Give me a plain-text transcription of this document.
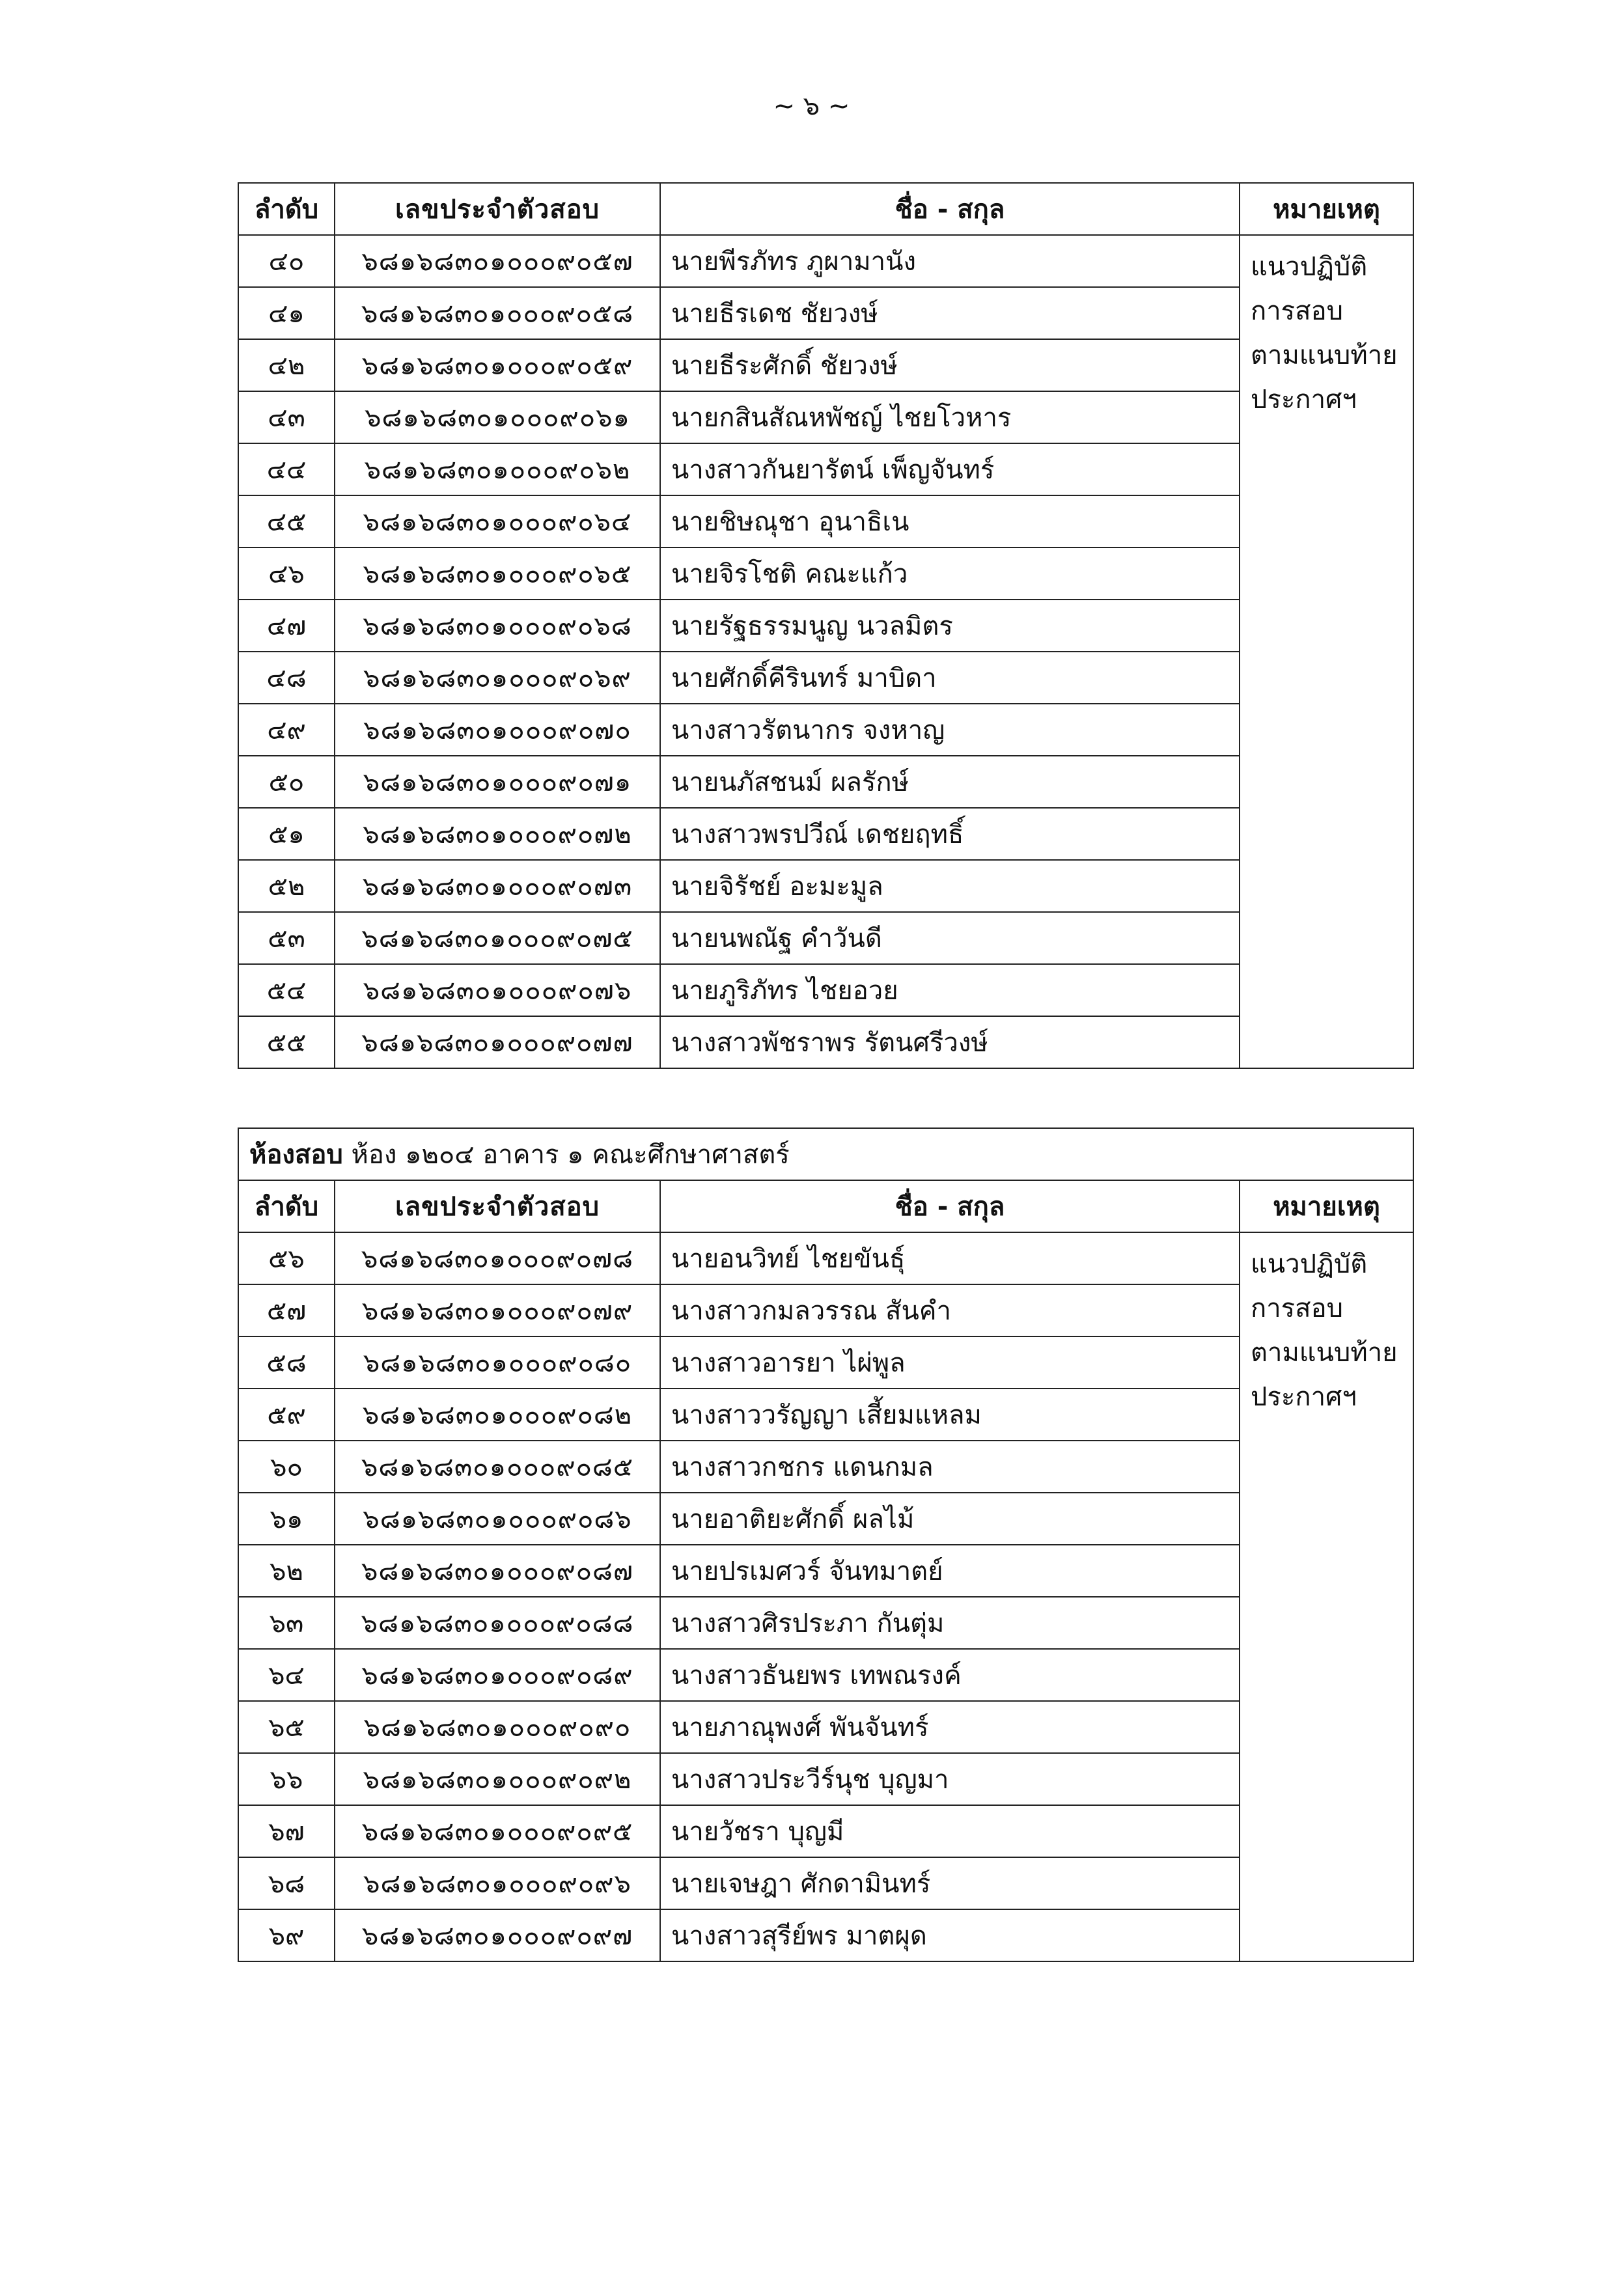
~ ๖ ~
ลำดับ	เลขประจำตัวสอบ	ชื่อ - สกุล	หมายเหตุ
๔๐	๖๘๑๖๘๓๐๑๐๐๐๙๐๕๗	นายพีรภัทร ภูผามานัง	แนวปฏิบัติ
การสอบ
ตามแนบท้าย
ประกาศฯ

๔๑	๖๘๑๖๘๓๐๑๐๐๐๙๐๕๘	นายธีรเดช ชัยวงษ์	
๔๒	๖๘๑๖๘๓๐๑๐๐๐๙๐๕๙	นายธีระศักดิ์ ชัยวงษ์	
๔๓	๖๘๑๖๘๓๐๑๐๐๐๙๐๖๑	นายกสินสัณหพัชญ์ ไชยโวหาร	
๔๔	๖๘๑๖๘๓๐๑๐๐๐๙๐๖๒	นางสาวกันยารัตน์ เพ็ญจันทร์	
๔๕	๖๘๑๖๘๓๐๑๐๐๐๙๐๖๔	นายชิษณุชา อุนาธิเน	
๔๖	๖๘๑๖๘๓๐๑๐๐๐๙๐๖๕	นายจิรโชติ คณะแก้ว	
๔๗	๖๘๑๖๘๓๐๑๐๐๐๙๐๖๘	นายรัฐธรรมนูญ นวลมิตร	
๔๘	๖๘๑๖๘๓๐๑๐๐๐๙๐๖๙	นายศักดิ์คีรินทร์ มาบิดา	
๔๙	๖๘๑๖๘๓๐๑๐๐๐๙๐๗๐	นางสาวรัตนากร จงหาญ	
๕๐	๖๘๑๖๘๓๐๑๐๐๐๙๐๗๑	นายนภัสชนม์ ผลรักษ์	
๕๑	๖๘๑๖๘๓๐๑๐๐๐๙๐๗๒	นางสาวพรปวีณ์ เดชยฤทธิ์	
๕๒	๖๘๑๖๘๓๐๑๐๐๐๙๐๗๓	นายจิรัชย์ อะมะมูล	
๕๓	๖๘๑๖๘๓๐๑๐๐๐๙๐๗๕	นายนพณัฐ คำวันดี	
๕๔	๖๘๑๖๘๓๐๑๐๐๐๙๐๗๖	นายภูริภัทร ไชยอวย	
๕๕	๖๘๑๖๘๓๐๑๐๐๐๙๐๗๗	นางสาวพัชราพร รัตนศรีวงษ์	
ห้องสอบ ห้อง ๑๒๐๔ อาคาร ๑ คณะศึกษาศาสตร์			
ลำดับ	เลขประจำตัวสอบ	ชื่อ - สกุล	หมายเหตุ
๕๖	๖๘๑๖๘๓๐๑๐๐๐๙๐๗๘	นายอนวิทย์ ไชยขันธุ์	แนวปฏิบัติ
การสอบ
ตามแนบท้าย
ประกาศฯ

๕๗	๖๘๑๖๘๓๐๑๐๐๐๙๐๗๙	นางสาวกมลวรรณ สันคำ	
๕๘	๖๘๑๖๘๓๐๑๐๐๐๙๐๘๐	นางสาวอารยา ไผ่พูล	
๕๙	๖๘๑๖๘๓๐๑๐๐๐๙๐๘๒	นางสาววรัญญา เสี้ยมแหลม	
๖๐	๖๘๑๖๘๓๐๑๐๐๐๙๐๘๕	นางสาวกชกร แดนกมล	
๖๑	๖๘๑๖๘๓๐๑๐๐๐๙๐๘๖	นายอาติยะศักดิ์ ผลไม้	
๖๒	๖๘๑๖๘๓๐๑๐๐๐๙๐๘๗	นายปรเมศวร์ จันทมาตย์	
๖๓	๖๘๑๖๘๓๐๑๐๐๐๙๐๘๘	นางสาวศิรประภา กันตุ่ม	
๖๔	๖๘๑๖๘๓๐๑๐๐๐๙๐๘๙	นางสาวธันยพร เทพณรงค์	
๖๕	๖๘๑๖๘๓๐๑๐๐๐๙๐๙๐	นายภาณุพงศ์ พันจันทร์	
๖๖	๖๘๑๖๘๓๐๑๐๐๐๙๐๙๒	นางสาวประวีร์นุช บุญมา	
๖๗	๖๘๑๖๘๓๐๑๐๐๐๙๐๙๕	นายวัชรา บุญมี	
๖๘	๖๘๑๖๘๓๐๑๐๐๐๙๐๙๖	นายเจษฎา ศักดามินทร์	
๖๙	๖๘๑๖๘๓๐๑๐๐๐๙๐๙๗	นางสาวสุรีย์พร มาตผุด	
